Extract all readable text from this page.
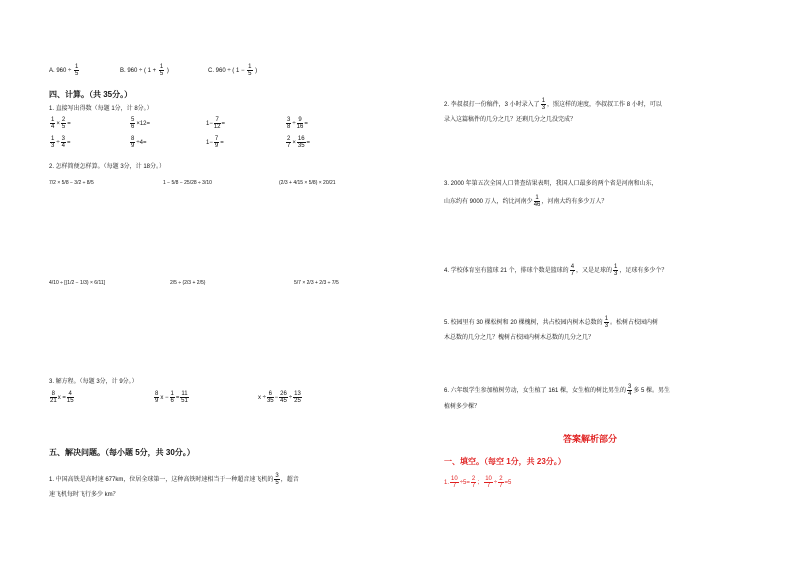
A. $960 \div \frac{1}{5}$	B. 960 ÷ ( $1 + \frac{1}{5}$ )	C. 960 ÷ ( $1 - \frac{1}{5}$ )
四、计算。（共 35分。）
1. 直接写出得数（每题 1分，计 8分。）
$\frac{1}{4} \times \frac{2}{5}$ =	$\frac{5}{6} \times 12=$	$1- \frac{7}{12}$ =	$\frac{3}{8} \div \frac{9}{16}$ =
$\frac{1}{3} \div \frac{3}{4}$ =	$\frac{8}{9} \div 4=$	$1- \frac{7}{9}$ =	$\frac{2}{7} \times \frac{16}{35}$ =
2. 怎样简便怎样算。（每题 3分，计 18分。）
7/2 × 5/8 − 3/2 ÷ 8/5	1 − 5/8 − 25/28 ÷ 3/10	(2/3 + 4/15 × 5/8) × 20/21
4/10 ÷ [(1/2 − 1/3) × 6/11]	2/5 ÷ (2/3 + 2/5)	5/7 × 2/3 + 2/3 ÷ 7/5
3. 解方程。（每题 3分，计 9分。）
$\frac{8}{21}$ $x = \frac{4}{15}$	$\frac{8}{9}$ $x - \frac{1}{6} = \frac{11}{51}$	$x \div \frac{6}{35} - \frac{26}{45} \div \frac{13}{25}$
五、解决问题。（每小题 5分，共 30分。）
1. 中国高铁是高时速 677km，位居全球第一，这种高铁时速相当于一种超音速飞机的 $\frac{3}{5}$ ，超音
速飞机每时飞行多少 km？
2. 李叔叔打一份稿件，3 小时录入了 $\frac{1}{3}$ ，照这样的速度，李叔叔工作 8 小时，可以
录入这篇稿件的几分之几？还剩几分之几没完成？
3. 2000 年第五次全国人口普查结果表明，我国人口最多的两个省是河南和山东，
山东约有 9000 万人，约比河南少 $\frac{1}{46}$ ，河南大约有多少万人？
4. 学校体育室有篮球 21 个，排球个数是篮球的 $\frac{4}{7}$ ，又是足球的 $\frac{1}{3}$ ，足球有多少个？
5. 校园里有 30 棵松树和 20 棵槐树，共占校园内树木总数的 $\frac{1}{3}$ 。松树占校园内树
木总数的几分之几？槐树占校园内树木总数的几分之几？
6. 六年级学生参加植树劳动，女生植了 161 棵，女生植的树比男生的 $\frac{3}{4}$ 多 5 棵。男生
植树多少棵？
答案解析部分
一、填空。（每空 1分，共 23分。）
1. $\frac{10}{7} \div 5= \frac{2}{7}$ ； $\frac{10}{7} \div \frac{2}{7} =5$
